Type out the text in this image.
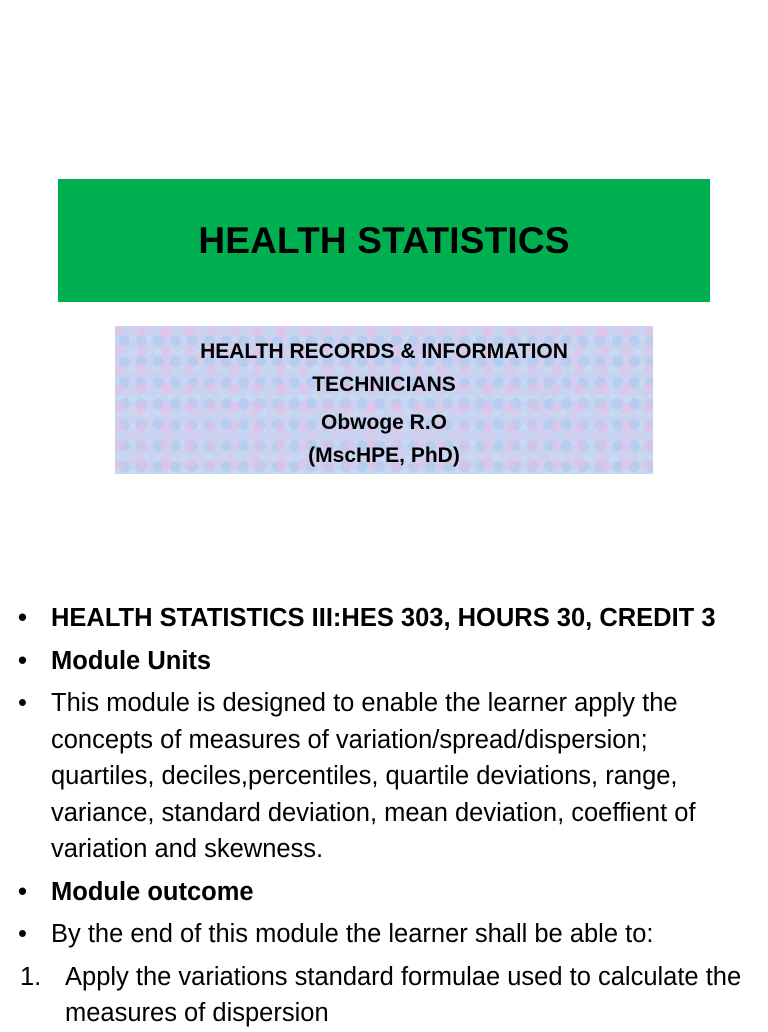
HEALTH STATISTICS
HEALTH RECORDS & INFORMATION
TECHNICIANS
Obwoge R.O
(MscHPE, PhD)
• HEALTH STATISTICS III:HES 303, HOURS 30, CREDIT 3
• Module Units
• This module is designed to enable the learner apply the concepts of measures of variation/spread/dispersion; quartiles, deciles,percentiles, quartile deviations, range, variance, standard deviation, mean deviation, coeffient of variation and skewness.
• Module outcome
• By the end of this module the learner shall be able to:
1. Apply the variations standard formulae used to calculate the measures of dispersion
